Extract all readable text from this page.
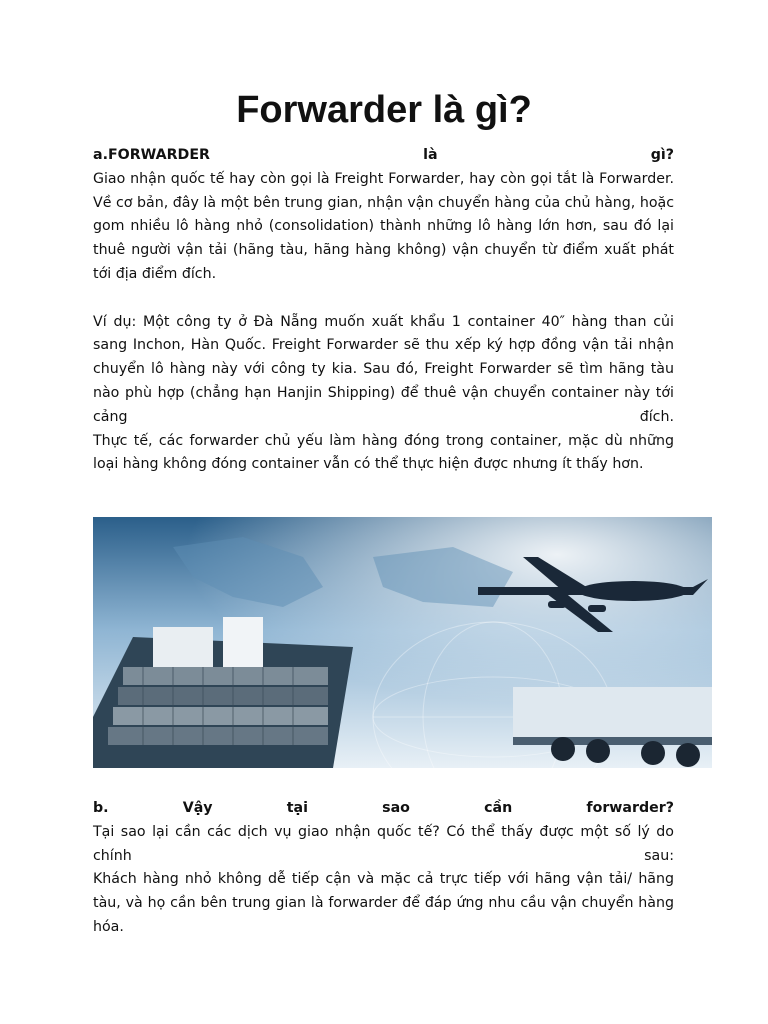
Forwarder là gì?

a.FORWARDER là gì?

Giao nhận quốc tế hay còn gọi là Freight Forwarder, hay còn gọi tắt là Forwarder. Về cơ bản, đây là một bên trung gian, nhận vận chuyển hàng của chủ hàng, hoặc gom nhiều lô hàng nhỏ (consolidation) thành những lô hàng lớn hơn, sau đó lại thuê người vận tải (hãng tàu, hãng hàng không) vận chuyển từ điểm xuất phát tới địa điểm đích.

Ví dụ: Một công ty ở Đà Nẵng muốn xuất khẩu 1 container 40″ hàng than củi sang Inchon, Hàn Quốc. Freight Forwarder sẽ thu xếp ký hợp đồng vận tải nhận chuyển lô hàng này với công ty kia. Sau đó, Freight Forwarder sẽ tìm hãng tàu nào phù hợp (chẳng hạn Hanjin Shipping) để thuê vận chuyển container này tới cảng đích.

Thực tế, các forwarder chủ yếu làm hàng đóng trong container, mặc dù những loại hàng không đóng container vẫn có thể thực hiện được nhưng ít thấy hơn.

b. Vậy tại sao cần forwarder?

Tại sao lại cần các dịch vụ giao nhận quốc tế? Có thể thấy được một số lý do chính sau:

Khách hàng nhỏ không dễ tiếp cận và mặc cả trực tiếp với hãng vận tải/ hãng tàu, và họ cần bên trung gian là forwarder để đáp ứng nhu cầu vận chuyển hàng hóa.
